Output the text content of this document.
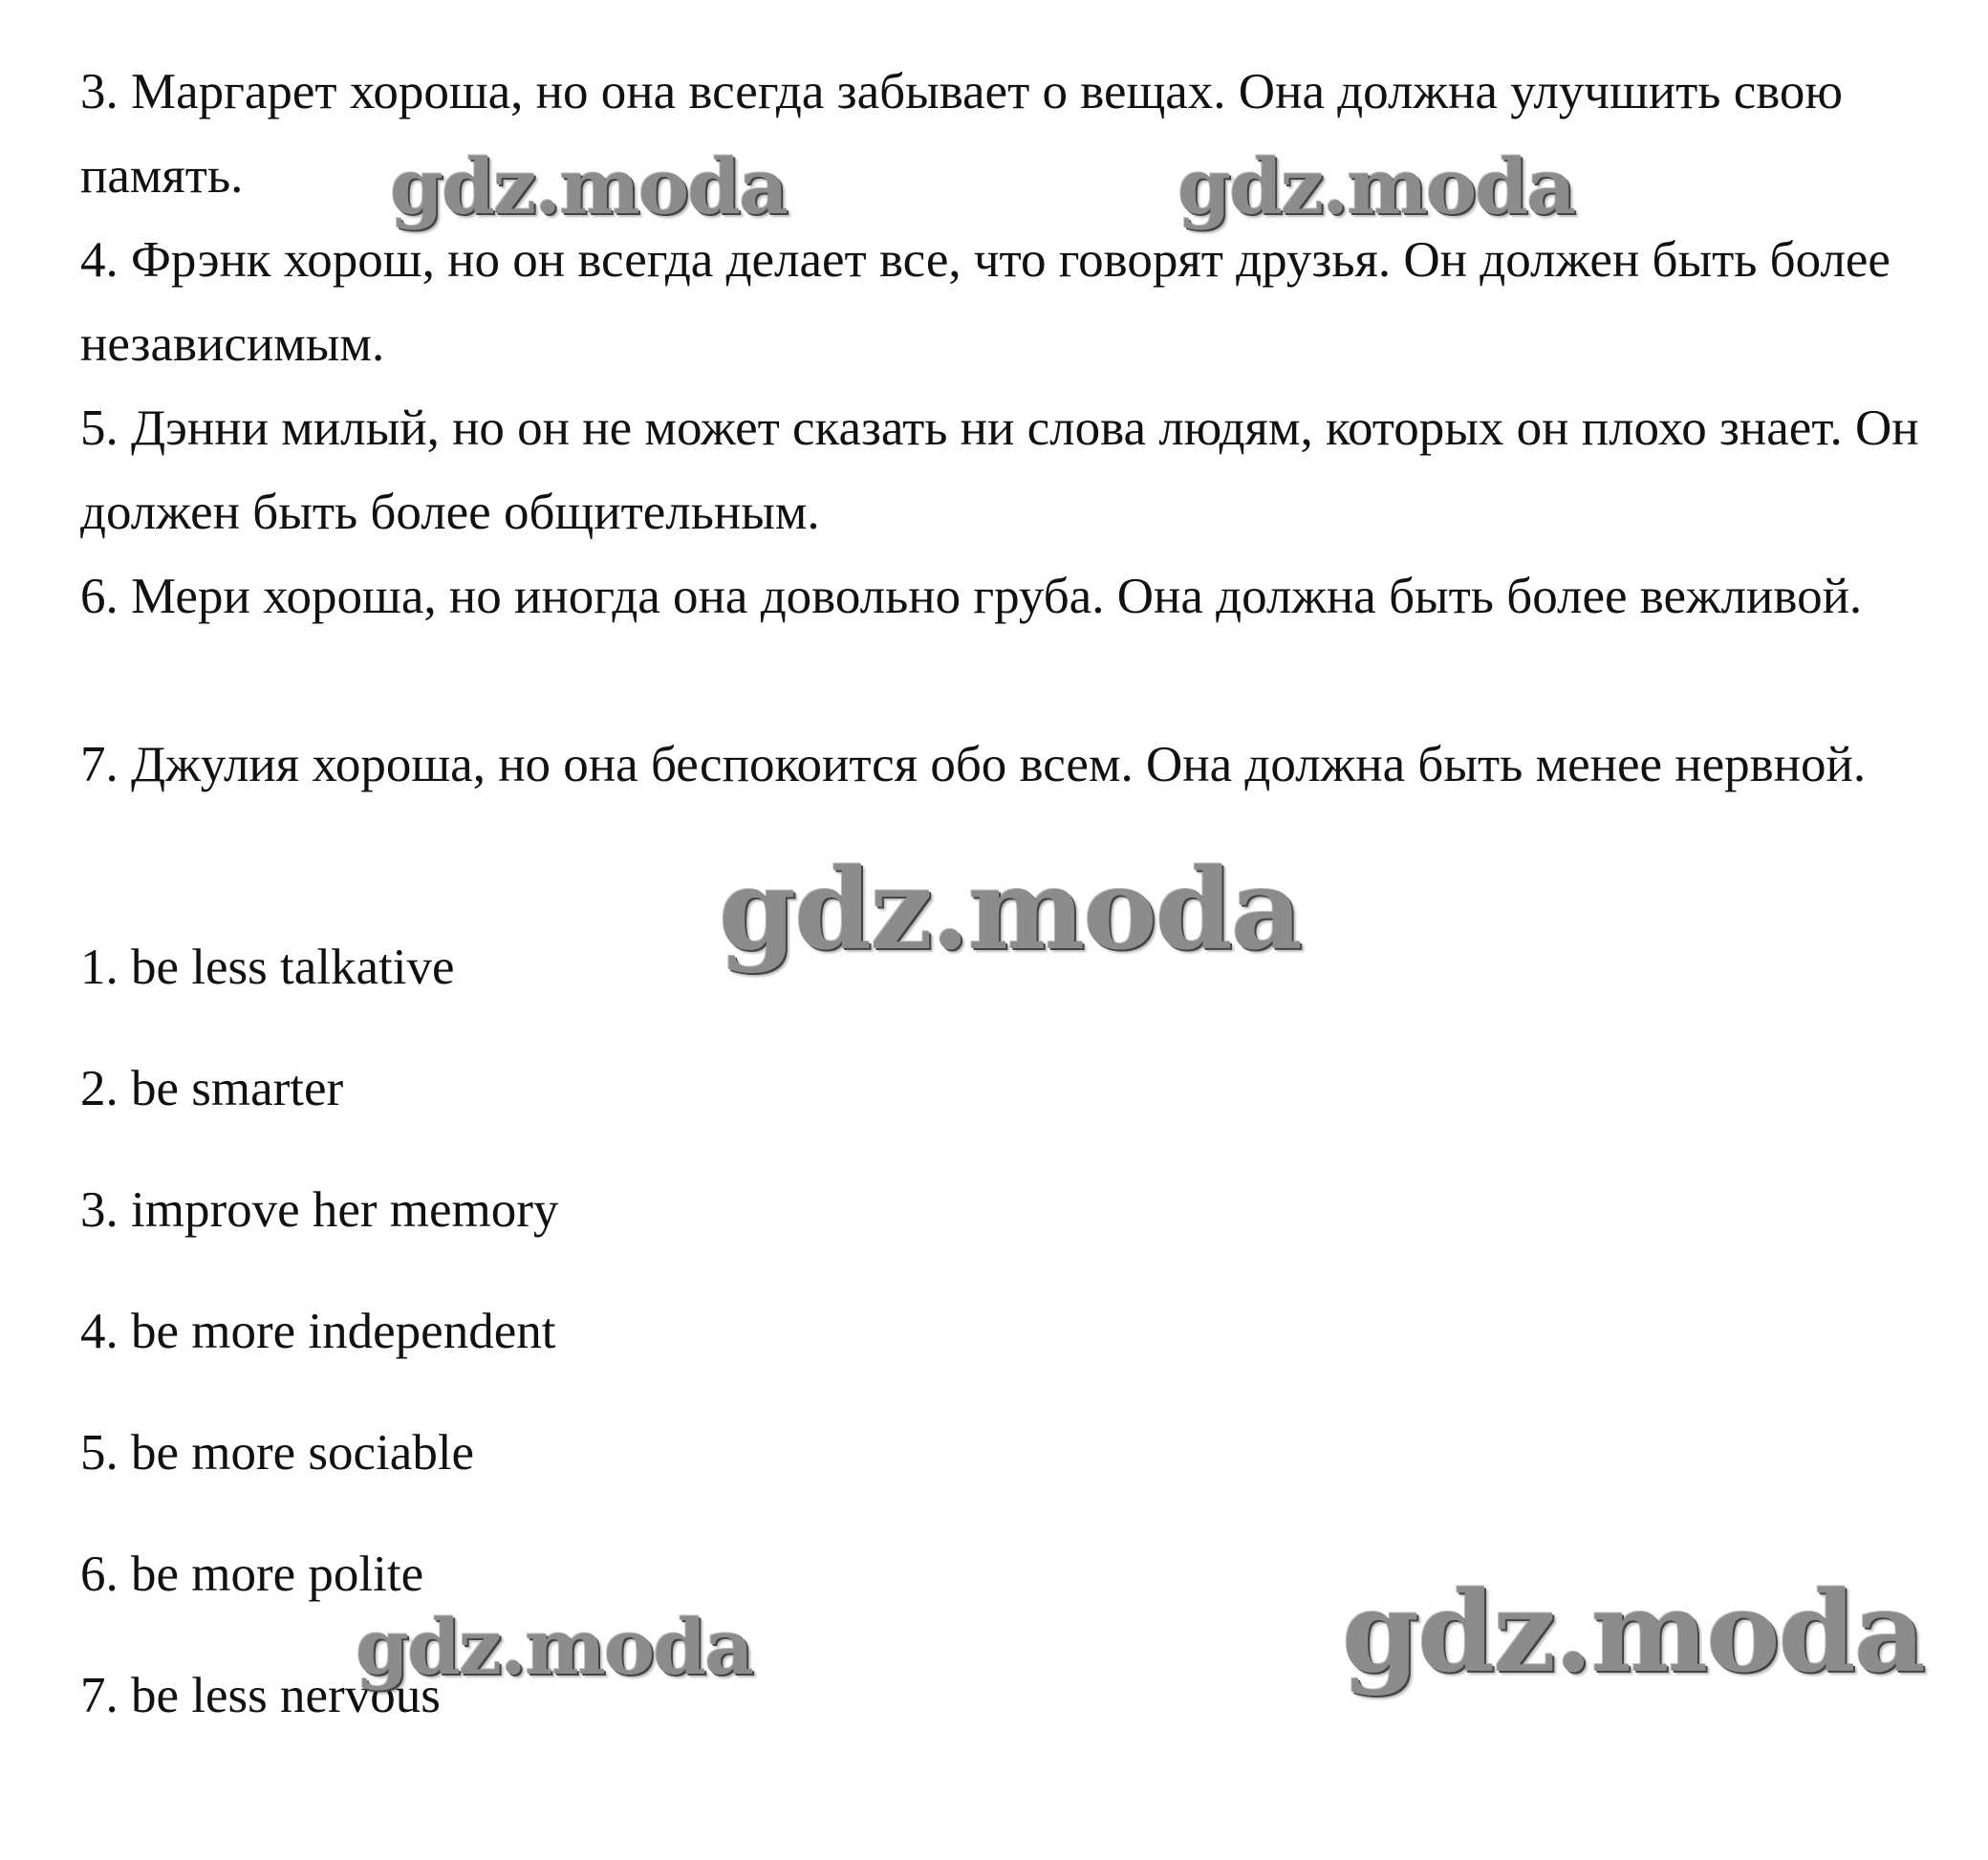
3. Маргарет хороша, но она всегда забывает о вещах. Она должна улучшить свою память.

4. Фрэнк хорош, но он всегда делает все, что говорят друзья. Он должен быть более независимым.

5. Дэнни милый, но он не может сказать ни слова людям, которых он плохо знает. Он должен быть более общительным.

6. Мери хороша, но иногда она довольно груба. Она должна быть более вежливой.

7. Джулия хороша, но она беспокоится обо всем. Она должна быть менее нервной.

1. be less talkative

2. be smarter

3. improve her memory

4. be more independent

5. be more sociable

6. be more polite

7. be less nervous

gdz.moda	gdz.moda
gdz.moda
gdz.moda	gdz.moda
